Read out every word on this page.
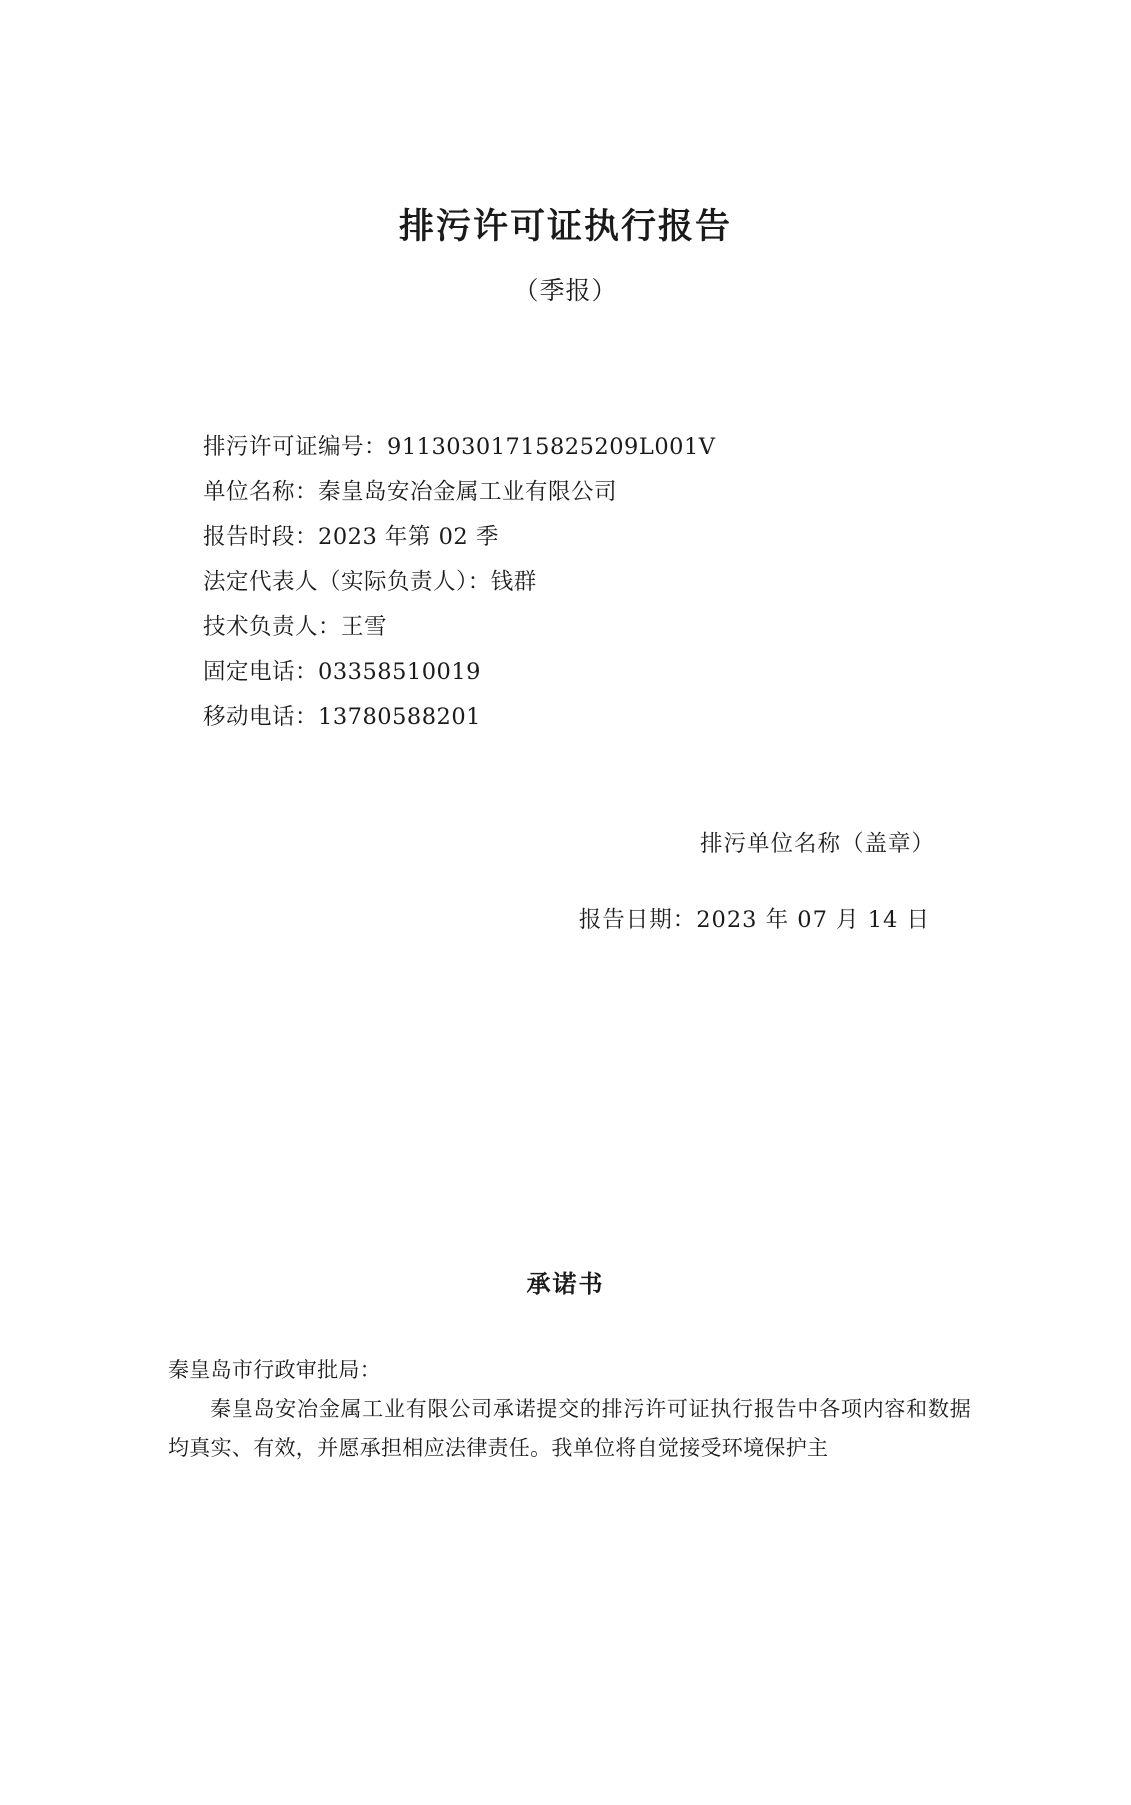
排污许可证执行报告
（季报）
排污许可证编号：91130301715825209L001V
单位名称：秦皇岛安冶金属工业有限公司
报告时段：2023 年第 02 季
法定代表人（实际负责人）：钱群
技术负责人：王雪
固定电话：03358510019
移动电话：13780588201
排污单位名称（盖章）
报告日期：2023 年 07 月 14 日
承诺书
秦皇岛市行政审批局：

秦皇岛安冶金属工业有限公司承诺提交的排污许可证执行报告中各项内容和数据均真实、有效，并愿承担相应法律责任。我单位将自觉接受环境保护主
